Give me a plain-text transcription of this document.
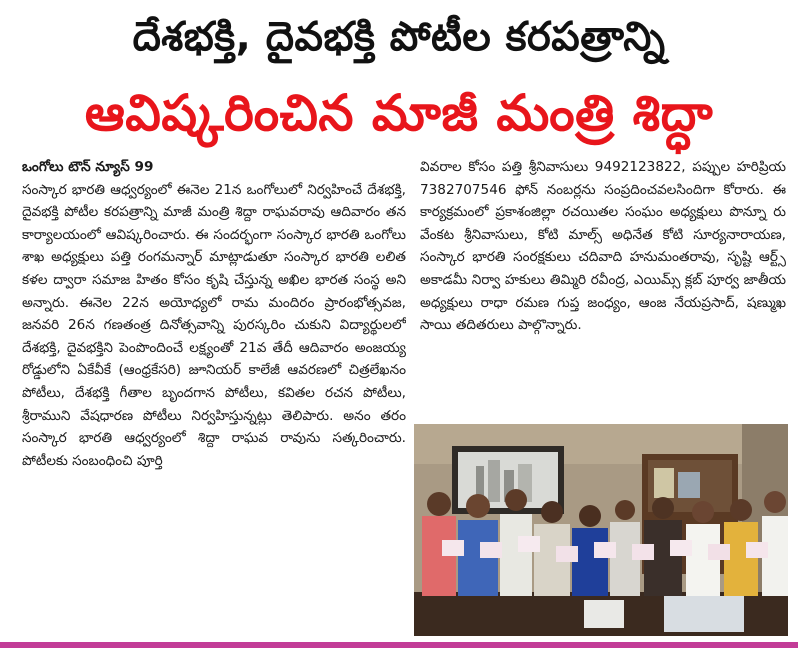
దేశభక్తి, దైవభక్తి పోటీల కరపత్రాన్ని
ఆవిష్కరించిన మాజీ మంత్రి శిద్ధా
ఒంగోలు టౌన్ న్యూస్ 99
సంస్కార భారతి ఆధ్వర్యంలో ఈనెల 21న ఒంగోలులో నిర్వహించే దేశభక్తి, దైవభక్తి పోటీల కరపత్రాన్ని మాజీ మంత్రి శిద్దా రాఘవరావు ఆదివారం తన కార్యాలయంలో ఆవిష్కరించారు. ఈ సందర్భంగా సంస్కార భారతి ఒంగోలు శాఖ అధ్యక్షులు పత్తి రంగమన్నార్ మాట్లాడుతూ సంస్కార భారతి లలిత కళల ద్వారా సమాజ హితం కోసం కృషి చేస్తున్న అఖిల భారత సంస్థ అని అన్నారు. ఈనెల 22న అయోధ్యలో రామ మందిరం ప్రారంభోత్సవజ, జనవరి 26న గణతంత్ర దినోత్సవాన్ని పురస్కరిం చుకుని విద్యార్థులలో దేశభక్తి, దైవభక్తిని పెంపొందించే లక్ష్యంతో 21వ తేదీ ఆదివారం అంజయ్య రోడ్డులోని ఏకేవీకే (ఆంధ్రకేసరి) జూనియర్ కాలేజీ ఆవరణలో చిత్రలేఖనం పోటీలు, దేశభక్తి గీతాల బృందగాన పోటీలు, కవితల రచన పోటీలు, శ్రీరాముని వేషధారణ పోటీలు నిర్వహిస్తున్నట్లు తెలిపారు. అనం తరం సంస్కార భారతి ఆధ్వర్యంలో శిద్దా రాఘవ రావును సత్కరించారు. పోటీలకు సంబంధించి పూర్తి
వివరాల కోసం పత్తి శ్రీనివాసులు 9492123822, పప్పుల హరిప్రియ 7382707546 ఫోన్ నంబర్లను సంప్రదించవలసిందిగా కోరారు. ఈ కార్యక్రమంలో ప్రకాశంజిల్లా రచయితల సంఘం అధ్యక్షులు పొన్నూ రు వేంకట శ్రీనివాసులు, కోటి మాల్స్ అధినేత కోటి సూర్యనారాయణ, సంస్కార భారతి సంరక్షకులు చదివాది హనుమంతరావు, సృష్టి ఆర్ట్స్ అకాడమీ నిర్వా హకులు తిమ్మిరి రవీంద్ర, ఎయిమ్స్ క్లబ్ పూర్వ జాతీయ అధ్యక్షులు రాధా రమణ గుప్త జంధ్యం, ఆంజ నేయప్రసాద్, షణ్ముఖ సాయి తదితరులు పాల్గొన్నారు.
